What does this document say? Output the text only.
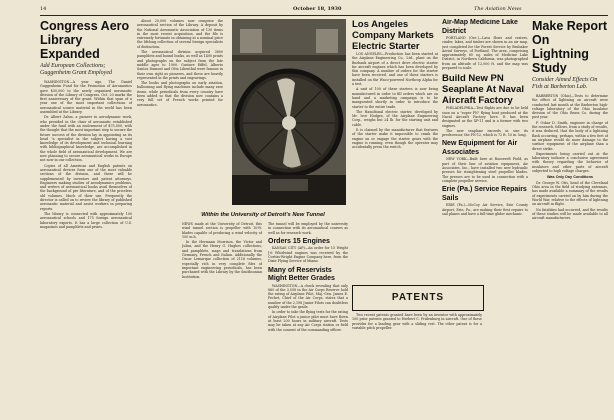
14	October 18, 1930	The Aviation News
Congress Aero Library Expanded
Add European Collections; Guggenheim Grant Employed

WASHINGTON—A year ago, The Daniel Guggenheim Fund for the Promotion of Aeronautics gave $30,000 to the newly organized aeronautic division of the Library of Congress. Oct. 20 marks the first anniversary of the grant. Within that span of a year one of the most important collections of aeronautical source material in the world has been assembled at the Library.

Dr. Albert Zahm, a pioneer in aerodynamic work, who presided in the chair of aeronautic established under the fund with an endowment of $75,000, with the thought that the most important step to secure the future success of the division lay in appointing as its head "a specialist in the subject having a vast knowledge of its development and technical learning with bibliographical knowledge, are accomplished in the whole field of aeronautical development. We are now planning to secure aeronautical works in Europe not now in our collection.

Copies of all American and English patents on aeronautical devices form one of the most valuable sections of the division, and these will be supplemented by inventors and patent attorneys. Engineers making studies of aerodynamics problems, and writers of aeronautical books avail themselves of the background of pre literature, and of the priceless old volumes. Much of their use. Frequently the director is called on to review the library of published aeronautic material and assist workers in preparing reports.

The library is connected with approximately 100 aeronautical schools and 175 foreign aeronautical laboratory experts. It has a large collection of U.S. magazines and pamphlets and prizes.

About 20,000 volumes now comprise the aeronautical section of the Library. A deposit by the National Aeronautic Association of 130 items in the most recent acquisition, and the file is extremely fortunate in obtaining at a nominal price the lifelong collection of several foreign specialists of distinction.

The aeronautical division acquired 3800 pamphlets and bound books, as well as 1400 prints and photographs on the subject from the late middle ages to 1900. Gustave Eiffel, Alberto Santos Dumont and Otto Lilienthal were famous in their own right as pioneers, and these are heavily represented in the prints and engravings.

The books and photographs on early aviation, ballooning and flying machines include many rare items, while periodicals from every country have been added so that the division now contains a very full set of French works printed for aeronautics.

Within the University of Detroit's New Tunnel

NEWS made at the University of Detroit, this wind tunnel section is propeller with 10-ft. blades capable of producing a wind velocity of 100 m.h.

In the Hermann Morrison, the Victor and Julius, and the Henry G. Hughes collections, and pamphlets, maps and translations from Germany, French and Italian. Additionally the Oscar Lemarque collection of 2116 volumes, especially rich in very complete files of important engineering periodicals, has been purchased with the Library by the Smithsonian Institution.

The tunnel will be employed by the university in connection with its aeronautical courses as well as for research work.

Orders 15 Engines

KANSAS CITY (AP)—An order for 15 Wright J-6 Whirlwind engines was received by the Curtiss-Wright Engine Company here, from the Dixie Flying Service of Miami.

Many of Reservists Might Better Grades

WASHINGTON—A check revealing that only 860 of the 3,058 in the Air Corps Reserve hold the rating of Airplane Pilot, Maj.-Gen. James E. Fechet, Chief of the Air Corps, states that a number of the 2,198 Junior Pilots can doubtless qualify under the grade.

In order to take the flying tests for the rating of Airplane Pilot a junior pilot must have flown at least 200 hours in military aircraft. Tests may be taken at any Air Corps station or field with the consent of the commanding officer.

Los Angeles Company Markets Electric Starter

LOS ANGELES—Production has been started at the Airplane Engineering Co., Ltd., plant on the Burbank airport of a direct drive electric starter for aircraft engines which has been developed by this company. A number of orders for the starter have been received, and one of these starters is installed on the Waco-powered Northrop Alpha for a test.

A unit of 100 of these starters is now being manufactured in order to fill orders which are on hand and a marketing campaign is to be inaugurated shortly in order to introduce the starter to the entire trade.

The Hamiltonal electric starter, developed by Mr. Ivor Hodges, of the Airplane Engineering Corp., weighs but 24 lb. for the starting unit and cable.

It is claimed by the manufacturer that features of the starter make it impossible to crank the engine on or engage the starter gears with the engine is running, even though the operator may accidentally press the switch.

PATENTS

Two recent patents granted have been by an inventor with approximately 100 prior patents granted to Herbert C. Fridenburg in aircraft. One of these provides for a landing gear with a sliding rest. The other patent is for a variable pitch propeller.

Air-Map Medicine Lake District

PORTLAND (Ore.)—Lava flows and craters, cinder, lakes, and timber are shown in an air map, just completed for the Forest Service by Brubaker Aerial Surveys, of Portland. The area, comprising approximately 60 sq. miles of Medicine Lake District, in Northern California, was photographed from an altitude of 12,000 ft. and the map was prepared to scale.

Build New PN Seaplane At Naval Aircraft Factory

PHILADELPHIA—Test flights are due to be held soon on a "super PN" flying boat produced at the Naval Aircraft Factory here. It has been designated as the XP-11 and is a former with two engines.

The new seaplane exceeds in size its predecessor, the PN-12, which is 72 ft. 10 in. long.

New Equipment for Air Associates

NEW YORK—Built here at Roosevelt Field, as part of their line of aviation equipment, Air Associates, Inc., have installed two new hydraulic presses for straightening steel propeller blades. The presses are to be used in connection with a complete propeller service.

Erie (Pa.) Service Repairs Sails

ERIE (Pa.)—McCoy Air Service, Erie County Airport, Erie, Pa., are making their first repairs to sail planes and have a full-time glider mechanic.

Make Report On Lightning Study
Consider Aimed Effects On Fish at Barberton Lab.

BARBERTON (Ohio)—Tests to determine the effect of lightning on aircraft were conducted last month at the Barberton high-voltage laboratory of the Ohio Insulator division of the Ohio Brass Co. during the past year.

F. Oskar D. Smith, engineer in charge of the research, follows, from a study of results, it was deduced, that the body of a lightning flash occurring, perhaps, within a few feet of an airplane would do more damage to the surface equipment of the airplane than a direct strike.

Experiments being carried out at the laboratory indicate a conclusive agreement with theory regarding the behavior of insulators and other parts of aircraft subjected to high voltage charges.

Was Only Day Conditions

Dr. George W. Otis, head of the Cleveland Ohio area in the field of studying antennas, has made available a summary of the results of experiments carried on by him during the World War, relative to the effects of lightning on aircraft in flight.

No fatalities had occurred, and the results of these studies will be made available to all aircraft manufacturers.
